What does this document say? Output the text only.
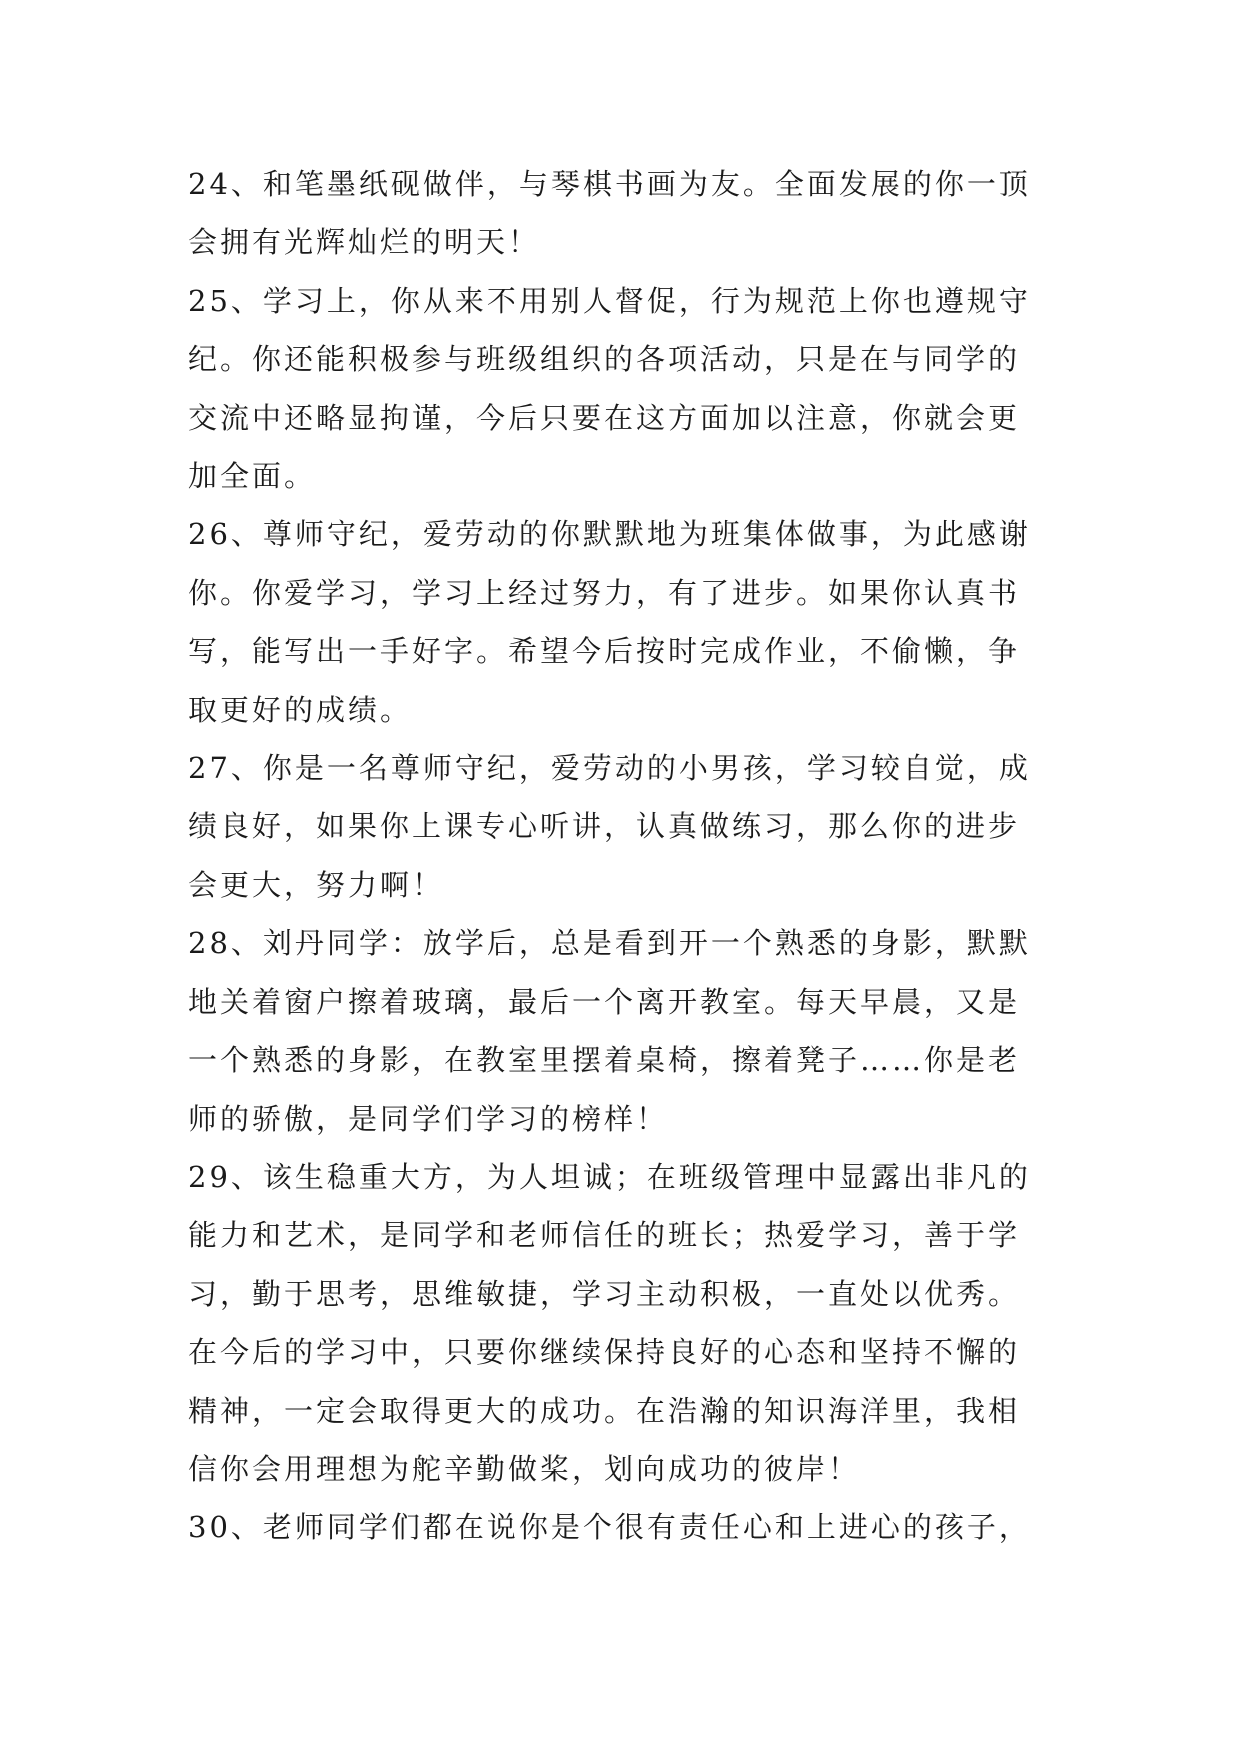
24、和笔墨纸砚做伴，与琴棋书画为友。全面发展的你一顶
会拥有光辉灿烂的明天！

25、学习上，你从来不用别人督促，行为规范上你也遵规守
纪。你还能积极参与班级组织的各项活动，只是在与同学的
交流中还略显拘谨，今后只要在这方面加以注意，你就会更
加全面。

26、尊师守纪，爱劳动的你默默地为班集体做事，为此感谢
你。你爱学习，学习上经过努力，有了进步。如果你认真书
写，能写出一手好字。希望今后按时完成作业，不偷懒，争
取更好的成绩。

27、你是一名尊师守纪，爱劳动的小男孩，学习较自觉，成
绩良好，如果你上课专心听讲，认真做练习，那么你的进步
会更大，努力啊！

28、刘丹同学：放学后，总是看到开一个熟悉的身影，默默
地关着窗户擦着玻璃，最后一个离开教室。每天早晨，又是
一个熟悉的身影，在教室里摆着桌椅，擦着凳子……你是老
师的骄傲，是同学们学习的榜样！

29、该生稳重大方，为人坦诚；在班级管理中显露出非凡的
能力和艺术，是同学和老师信任的班长；热爱学习，善于学
习，勤于思考，思维敏捷，学习主动积极，一直处以优秀。
在今后的学习中，只要你继续保持良好的心态和坚持不懈的
精神，一定会取得更大的成功。在浩瀚的知识海洋里，我相
信你会用理想为舵辛勤做桨，划向成功的彼岸！

30、老师同学们都在说你是个很有责任心和上进心的孩子，
